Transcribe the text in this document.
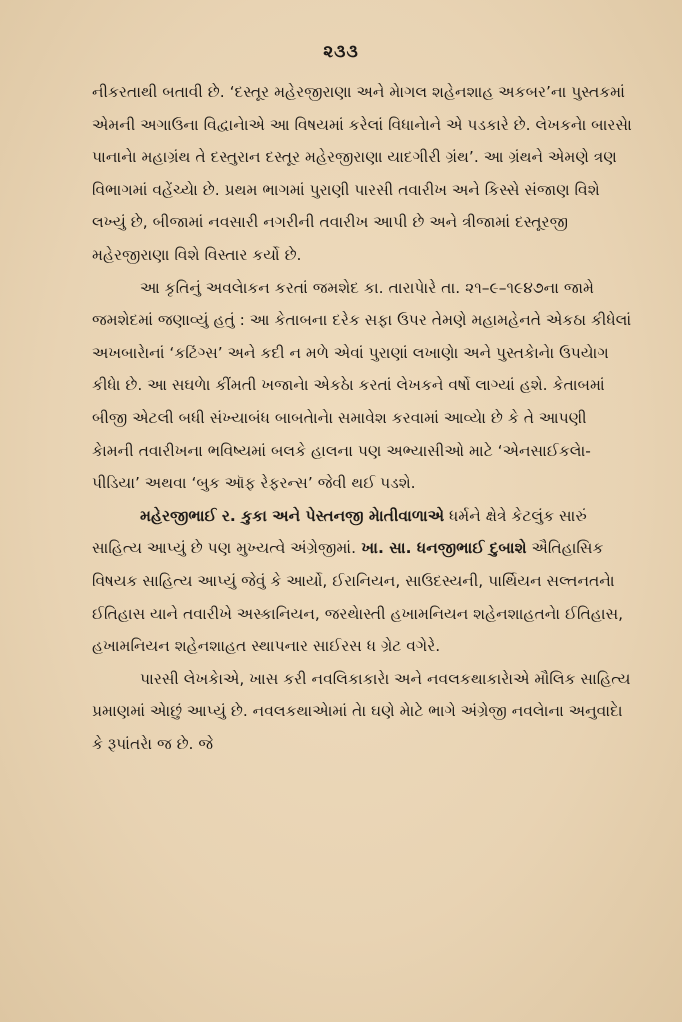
૨૩૩

નીકરતાથી બતાવી છે. ‘દસ્તૂર મહેરજીરાણા અને મેાગલ શહેનશાહ અકબર’ના પુસ્તકમાં એમની અગાઉના વિદ્વાનાેએ આ વિષયમાં કરેલાં વિધાનાેને એ પડકારે છે. લેખકનેા બારસાે પાનાનાે મહાગ્રંથ તે દસ્તુરાન દસ્તૂર મહેરજીરાણા યાદગીરી ગ્રંથ’. આ ગ્રંથને એમણે ત્રણ વિભાગમાં વહેંચ્યેા છે. પ્રથમ ભાગમાં પુરાણી પારસી તવારીખ અને કિસ્સે સંજાણ વિશે લખ્યું છે, બીજામાં નવસારી નગરીની તવારીખ આપી છે અને ત્રીજામાં દસ્તૂરજી મહેરજીરાણા વિશે વિસ્તાર કર્યો છે.

આ કૃતિનું અવલેાકન કરતાં જમશેદ કા. તારાપેારે તા. ૨૧–૯–૧૯૪૭ના જામે જમશેદમાં જણાવ્યું હતું : આ કેતાબના દરેક સફા ઉપર તેમણે મહામહેનતે એકઠા કીધેલાં અખબારેાનાં ‘કટિંગ્સ’ અને કદી ન મળે એવાં પુરાણાં લખાણેા અને પુસ્તકેાનેા ઉપયેાગ કીધેા છે. આ સઘળેા કીંમતી ખજાનેા એકઠેા કરતાં લેખકને વર્ષો લાગ્યાં હશે. કેતાબમાં બીજી એટલી બધી સંખ્યાબંધ બાબતેાનેા સમાવેશ કરવામાં આવ્યેા છે કે તે આપણી કેામની તવારીખના ભવિષ્યમાં બલકે હાલના પણ અભ્યાસીઓ માટે ‘એનસાઈકલેા-પીડિયા’ અથવા ‘બુક ઑફ રેફરન્સ’ જેવી થઈ પડશે.

મહેરજીભાઈ ર. કુકા અને પેસ્તનજી મેાતીવાળાએ ધર્મને ક્ષેત્રે કેટલુંક સારું સાહિત્ય આપ્યું છે પણ મુખ્યત્વે અંગ્રેજીમાં. ખા. સા. ધનજીભાઈ દુબાશે ઐતિહાસિક વિષયક સાહિત્ય આપ્યું જેવું કે આર્યો, ઈરાનિયન, સાઉદસ્યની, પાર્થિયન સલ્તનતનેા ઈતિહાસ યાને તવારીખે અસ્કાનિયન, જરથેાસ્તી હખામનિયન શહેનશાહતનેા ઈતિહાસ, હખામનિયન શહેનશાહત સ્થાપનાર સાઈરસ ધ ગ્રેટ વગેરે.

પારસી લેખકેાએ, ખાસ કરી નવલિકાકારેા અને નવલકથાકારેાએ મૌલિક સાહિત્ય પ્રમાણમાં એાછું આપ્યું છે. નવલકથાએામાં તેા ઘણે મેાટે ભાગે અંગ્રેજી નવલેાના અનુવાદેા કે રૂપાંતરેા જ છે. જે
